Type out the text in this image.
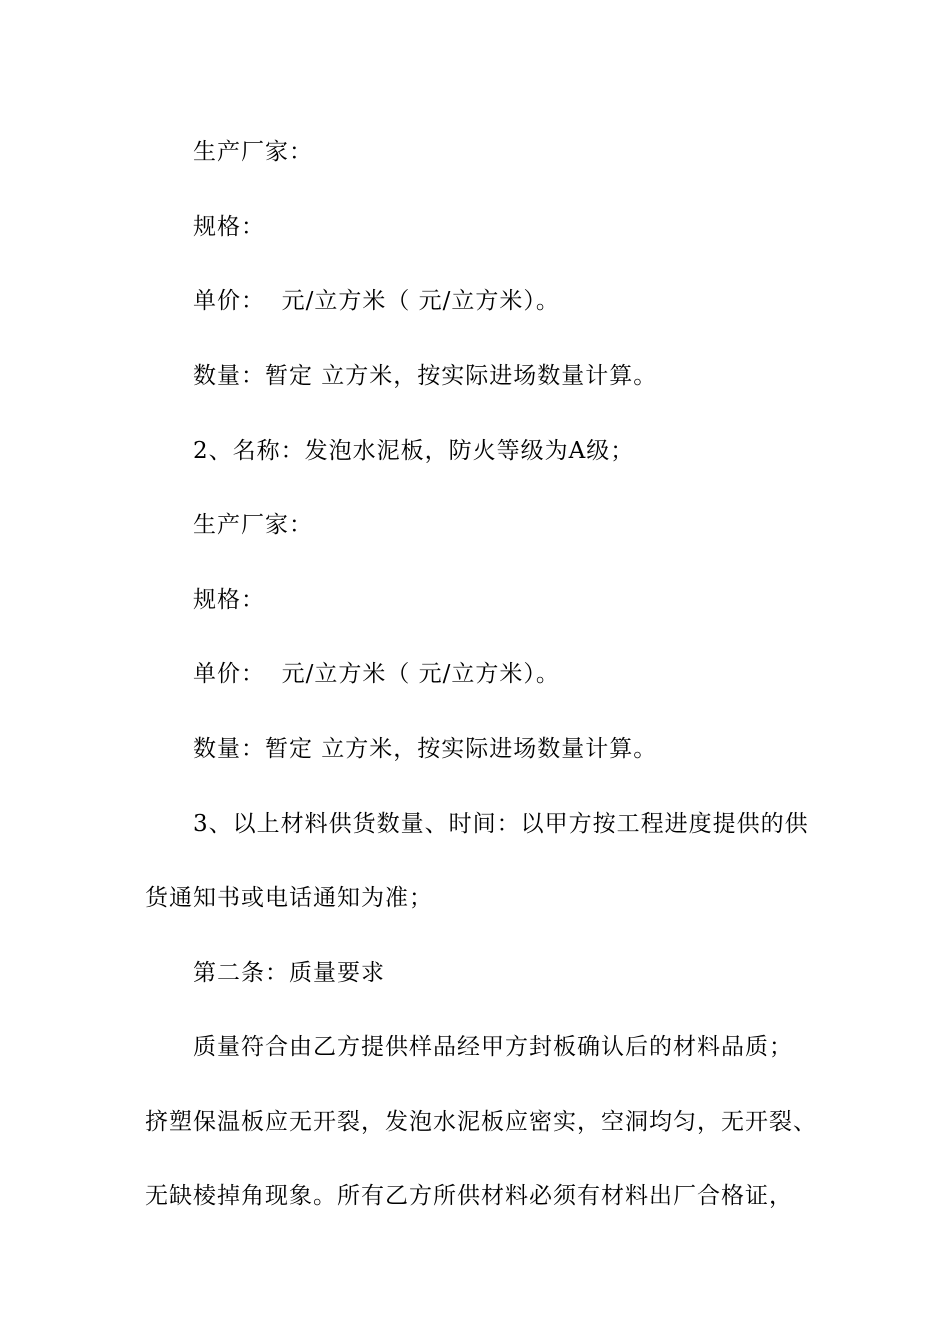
生产厂家：
规格：
单价：  元/立方米（ 元/立方米）。
数量：暂定 立方米，按实际进场数量计算。
2、名称：发泡水泥板，防火等级为A级；
生产厂家：
规格：
单价：  元/立方米（ 元/立方米）。
数量：暂定 立方米，按实际进场数量计算。
3、以上材料供货数量、时间：以甲方按工程进度提供的供
货通知书或电话通知为准；
第二条：质量要求
质量符合由乙方提供样品经甲方封板确认后的材料品质；
挤塑保温板应无开裂，发泡水泥板应密实，空洞均匀，无开裂、
无缺棱掉角现象。所有乙方所供材料必须有材料出厂合格证，
